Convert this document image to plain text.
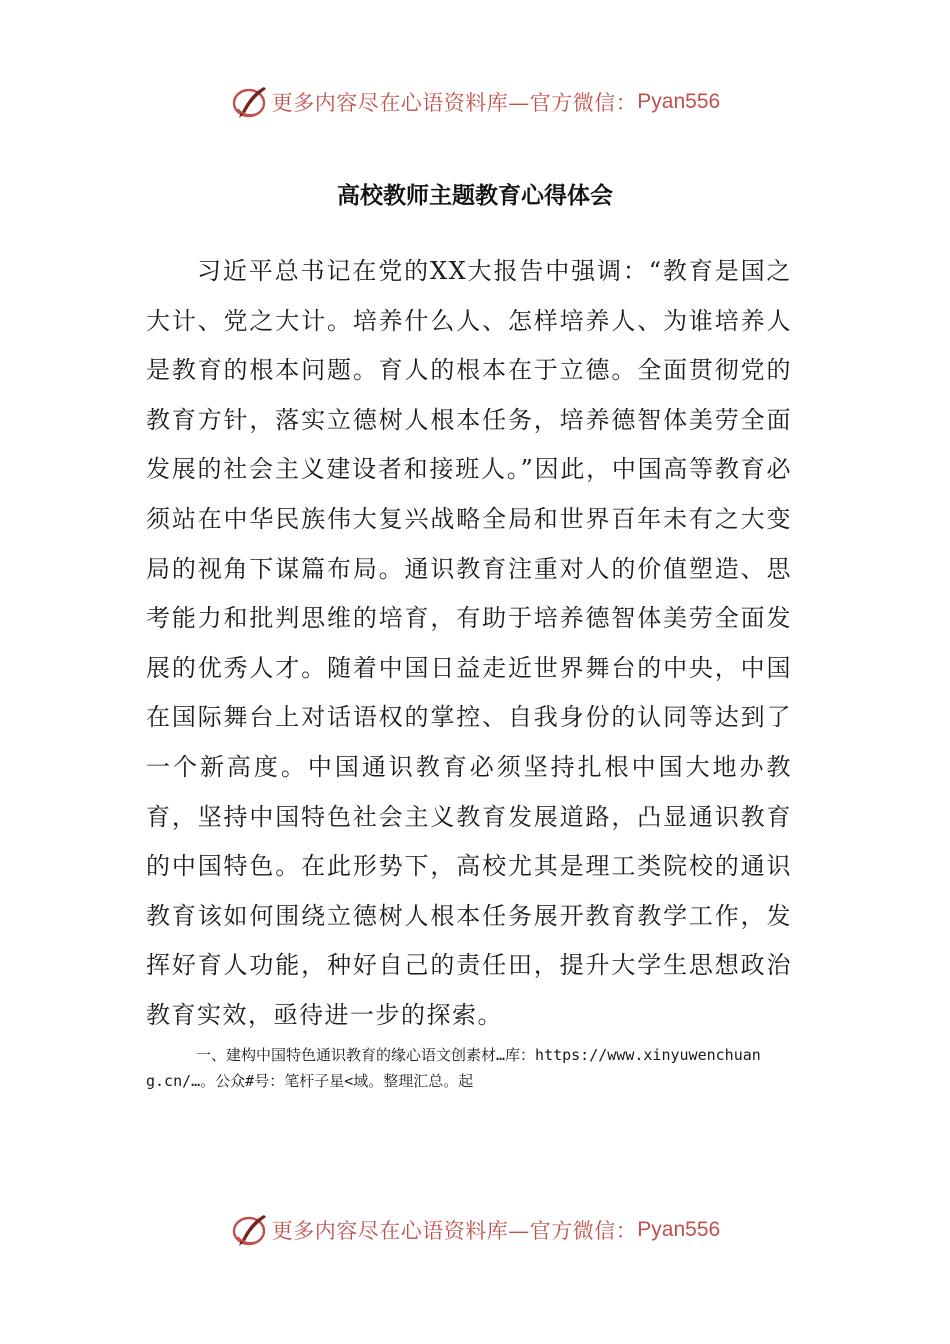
更多内容尽在心语资料库— 官方微信： Pyan556
高校教师主题教育心得体会

习近平总书记在党的XX大报告中强调：“教育是国之大计、党之大计。培养什么人、怎样培养人、为谁培养人是教育的根本问题。育人的根本在于立德。全面贯彻党的教育方针，落实立德树人根本任务，培养德智体美劳全面发展的社会主义建设者和接班人。”因此，中国高等教育必须站在中华民族伟大复兴战略全局和世界百年未有之大变局的视角下谋篇布局。通识教育注重对人的价值塑造、思考能力和批判思维的培育，有助于培养德智体美劳全面发展的优秀人才。随着中国日益走近世界舞台的中央，中国在国际舞台上对话语权的掌控、自我身份的认同等达到了一个新高度。中国通识教育必须坚持扎根中国大地办教育，坚持中国特色社会主义教育发展道路，凸显通识教育的中国特色。在此形势下，高校尤其是理工类院校的通识教育该如何围绕立德树人根本任务展开教育教学工作，发挥好育人功能，种好自己的责任田，提升大学生思想政治教育实效，亟待进一步的探索。

一、建构中国特色通识教育的缘心语文创素材…库：https://www.xinyuwenchuang.cn/…。公众#号：笔杆子星<域。整理汇总。起

更多内容尽在心语资料库— 官方微信： Pyan556
